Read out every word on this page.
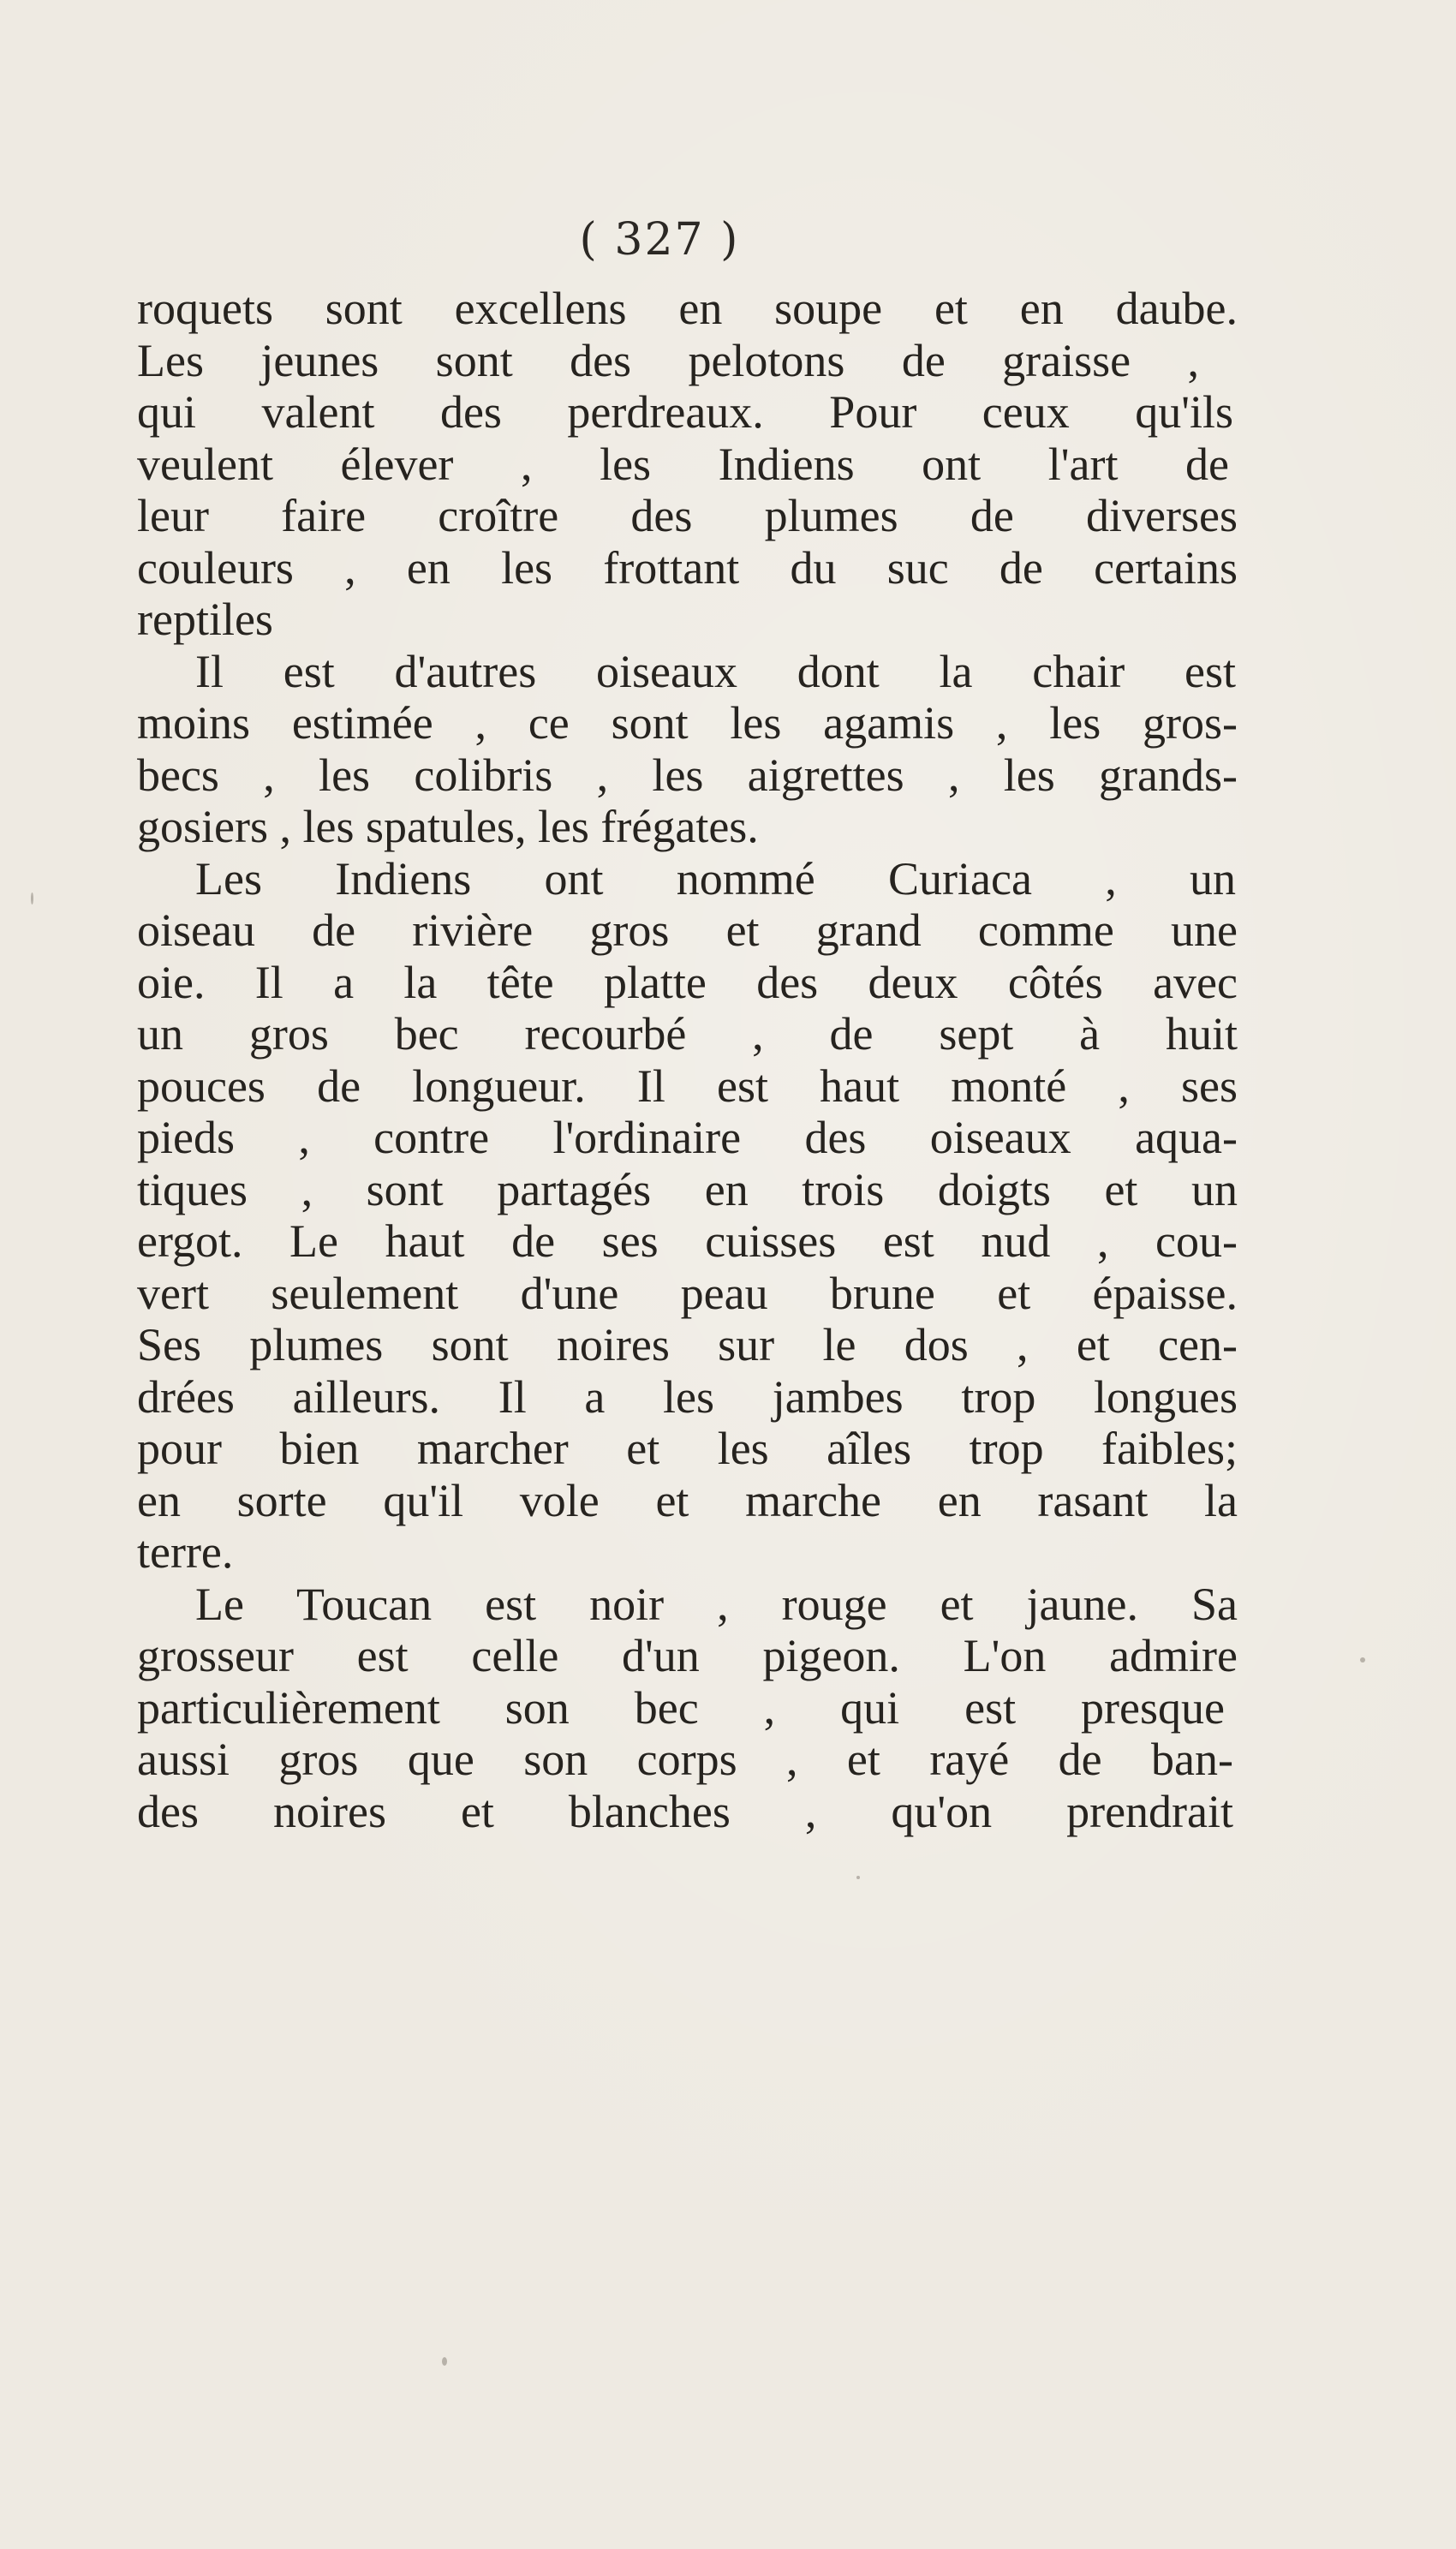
( 327 )
roquets sont excellens en soupe et en daube.
Les jeunes sont des pelotons de graisse ,
qui valent des perdreaux. Pour ceux qu'ils
veulent élever , les Indiens ont l'art de
leur faire croître des plumes de diverses
couleurs , en les frottant du suc de certains
reptiles
Il est d'autres oiseaux dont la chair est
moins estimée , ce sont les agamis , les gros-
becs , les colibris , les aigrettes , les grands-
gosiers , les spatules, les frégates.
Les Indiens ont nommé Curiaca , un
oiseau de rivière gros et grand comme une
oie. Il a la tête platte des deux côtés avec
un gros bec recourbé , de sept à huit
pouces de longueur. Il est haut monté , ses
pieds , contre l'ordinaire des oiseaux aqua-
tiques , sont partagés en trois doigts et un
ergot. Le haut de ses cuisses est nud , cou-
vert seulement d'une peau brune et épaisse.
Ses plumes sont noires sur le dos , et cen-
drées ailleurs. Il a les jambes trop longues
pour bien marcher et les aîles trop faibles;
en sorte qu'il vole et marche en rasant la
terre.
Le Toucan est noir , rouge et jaune. Sa
grosseur est celle d'un pigeon. L'on admire
particulièrement son bec , qui est presque
aussi gros que son corps , et rayé de ban-
des noires et blanches , qu'on prendrait
